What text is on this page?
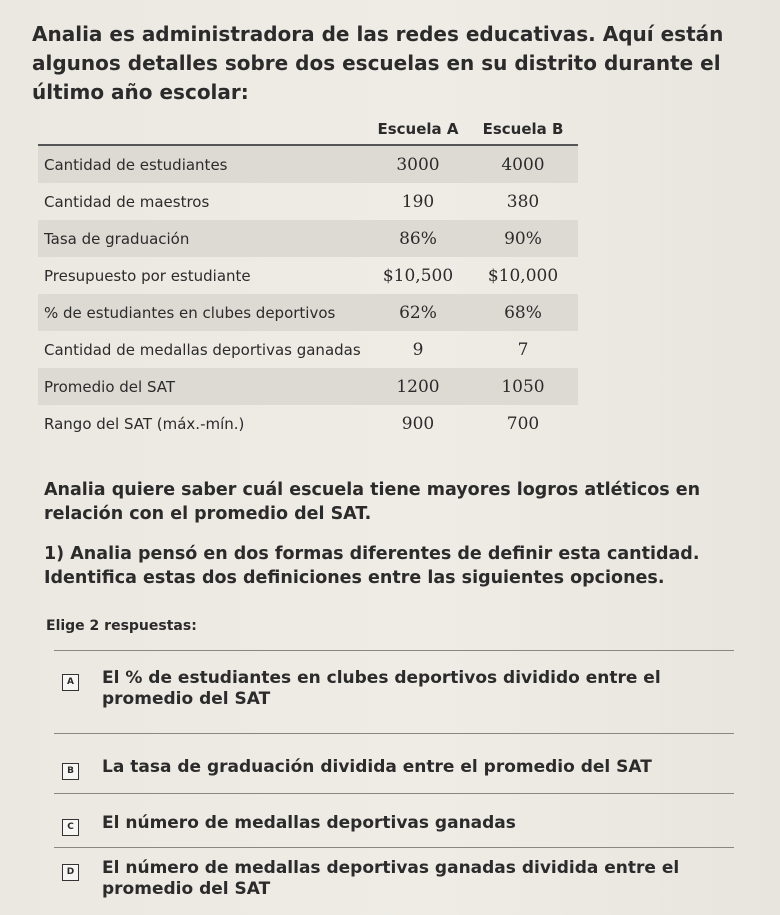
Analia es administradora de las redes educativas. Aquí están algunos detalles sobre dos escuelas en su distrito durante el último año escolar:
	Escuela A	Escuela B
Cantidad de estudiantes	3000	4000
Cantidad de maestros	190	380
Tasa de graduación	86%	90%
Presupuesto por estudiante	$10,500	$10,000
% de estudiantes en clubes deportivos	62%	68%
Cantidad de medallas deportivas ganadas	9	7
Promedio del SAT	1200	1050
Rango del SAT (máx.-mín.)	900	700
Analia quiere saber cuál escuela tiene mayores logros atléticos en relación con el promedio del SAT.
1) Analia pensó en dos formas diferentes de definir esta cantidad. Identifica estas dos definiciones entre las siguientes opciones.
Elige 2 respuestas:
A El % de estudiantes en clubes deportivos dividido entre el promedio del SAT
B La tasa de graduación dividida entre el promedio del SAT
C	El número de medallas deportivas ganadas
D El número de medallas deportivas ganadas dividida entre el promedio del SAT
